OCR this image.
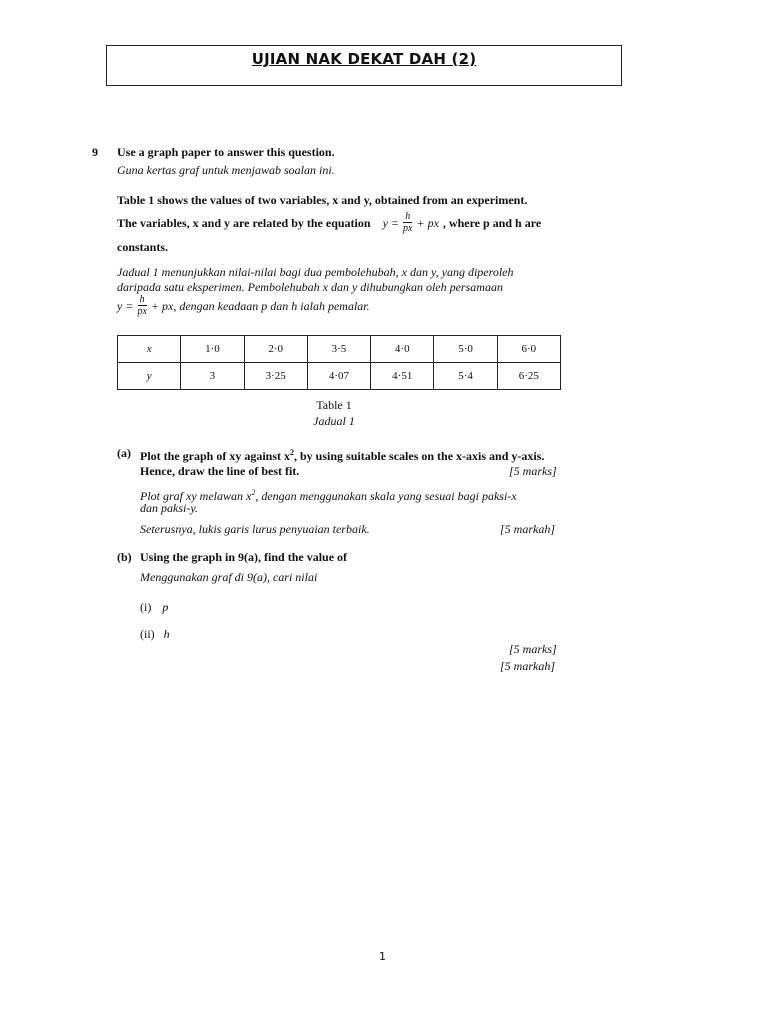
UJIAN NAK DEKAT DAH (2)
9 Use a graph paper to answer this question.
Guna kertas graf untuk menjawab soalan ini.
Table 1 shows the values of two variables, x and y, obtained from an experiment.
The variables, x and y are related by the equation $y = \frac{h}{px}$ + px , where p and h are
constants.
Jadual 1 menunjukkan nilai-nilai bagi dua pembolehubah, x dan y, yang diperoleh
daripada satu eksperimen. Pembolehubah x dan y dihubungkan oleh persamaan
$y = \frac{h}{px}$ + px , dengan keadaan p dan h ialah pemalar.
x	1·0	2·0	3·5	4·0	5·0	6·0
y	3	3·25	4·07	4·51	5·4	6·25
Table 1
Jadual 1
(a) Plot the graph of xy against $x^2$, by using suitable scales on the x-axis and y-axis.
Hence, draw the line of best fit.	[5 marks]
Plot graf xy melawan $x^2$, dengan menggunakan skala yang sesuai bagi paksi-x
dan paksi-y.
Seterusnya, lukis garis lurus penyuaian terbaik.	[5 markah]
(b) Using the graph in 9(a), find the value of
Menggunakan graf di 9(a), cari nilai
(i) p
(ii) h
[5 marks]
[5 markah]
1
